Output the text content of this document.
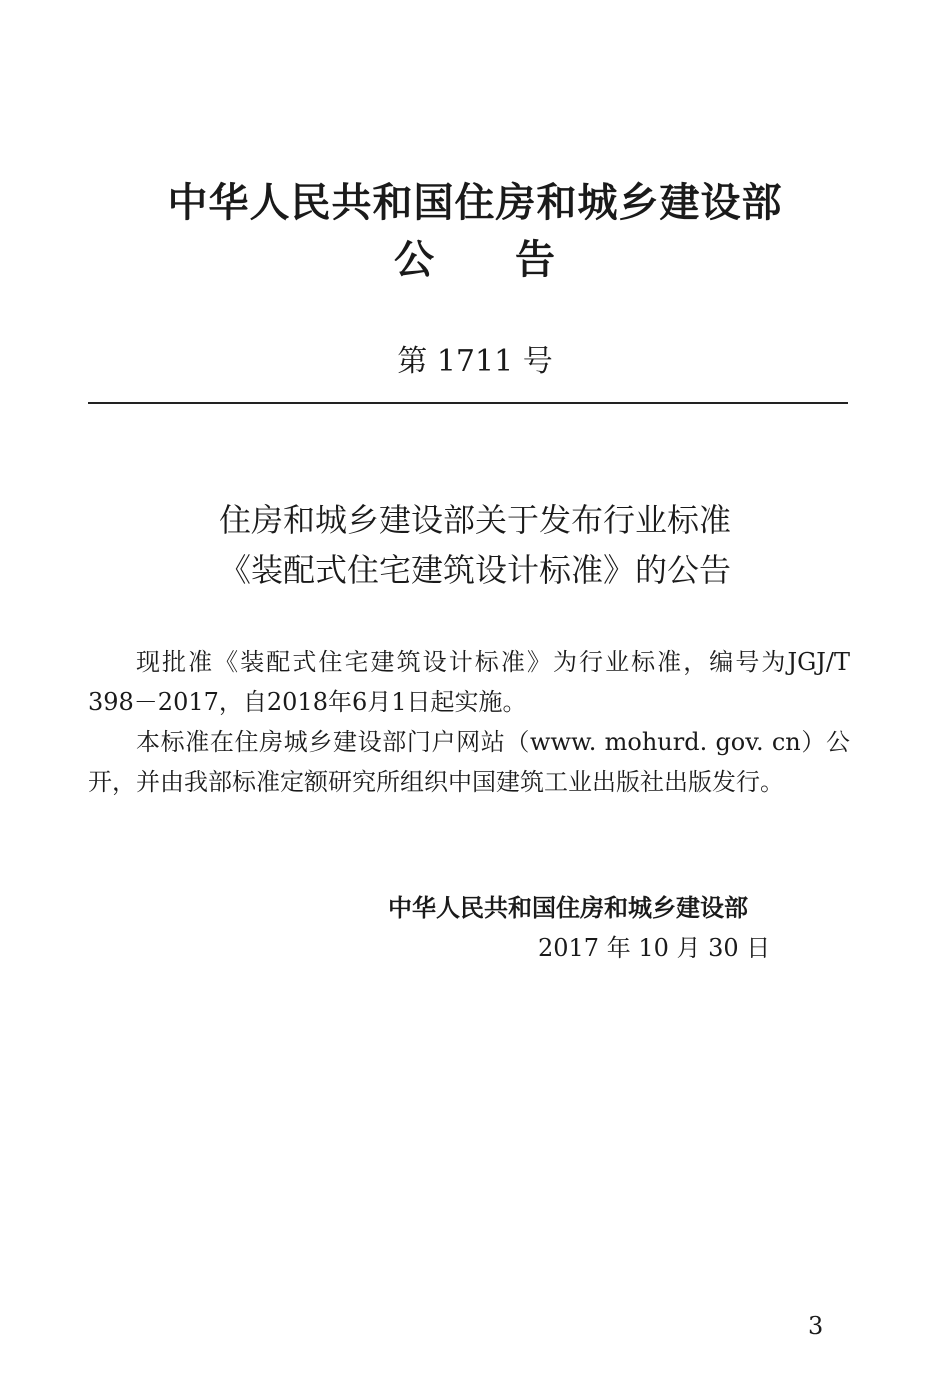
中华人民共和国住房和城乡建设部
公 告
第 1711 号
住房和城乡建设部关于发布行业标准
《装配式住宅建筑设计标准》的公告

现批准《装配式住宅建筑设计标准》为行业标准，编号为JGJ/T 398－2017，自2018年6月1日起实施。

本标准在住房城乡建设部门户网站（www. mohurd. gov. cn）公开，并由我部标准定额研究所组织中国建筑工业出版社出版发行。

中华人民共和国住房和城乡建设部
2017 年 10 月 30 日
3
